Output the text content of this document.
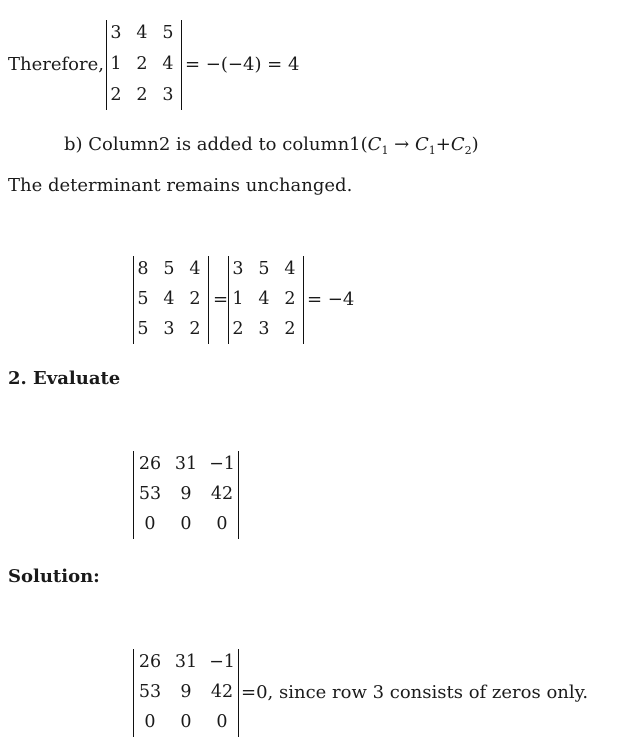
Therefore,
3 4 5
1 2 4
2 2 3
= −(−4) = 4
b) Column2 is added to $column1(C_1 \to C_1+C_2)$
The determinant remains unchanged.
8 5 4
5 4 2
5 3 2
=
3 5 4
1 4 2
2 3 2
= −4
2. Evaluate
26 31 −1
53	9	42
0	0	0
Solution:
26 31 −1
53	9	42
0	0	0
=0, since row 3 consists of zeros only.
